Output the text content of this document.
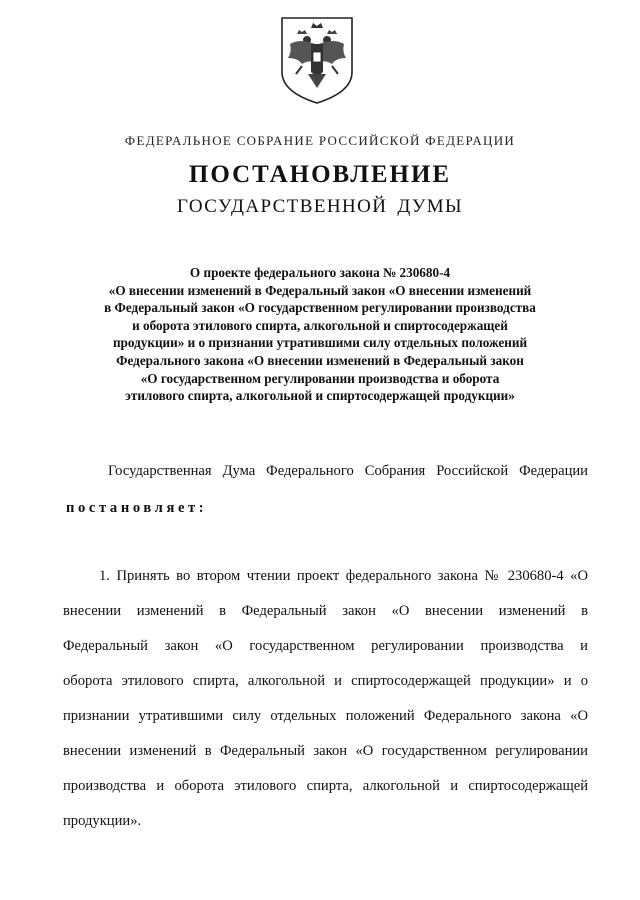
ФЕДЕРАЛЬНОЕ СОБРАНИЕ РОССИЙСКОЙ ФЕДЕРАЦИИ
ПОСТАНОВЛЕНИЕ
ГОСУДАРСТВЕННОЙ ДУМЫ
О проекте федерального закона № 230680-4
«О внесении изменений в Федеральный закон «О внесении изменений
в Федеральный закон «О государственном регулировании производства
и оборота этилового спирта, алкогольной и спиртосодержащей
продукции» и о признании утратившими силу отдельных положений
Федерального закона «О внесении изменений в Федеральный закон
«О государственном регулировании производства и оборота
этилового спирта, алкогольной и спиртосодержащей продукции»
Государственная Дума Федерального Собрания Российской Федерации
постановляет:
1. Принять во втором чтении проект федерального закона № 230680-4 «О
внесении изменений в Федеральный закон «О внесении изменений в
Федеральный закон «О государственном регулировании производства и
оборота этилового спирта, алкогольной и спиртосодержащей продукции» и о
признании утратившими силу отдельных положений Федерального закона «О
внесении изменений в Федеральный закон «О государственном регулировании
производства и оборота этилового спирта, алкогольной и спиртосодержащей
продукции».
